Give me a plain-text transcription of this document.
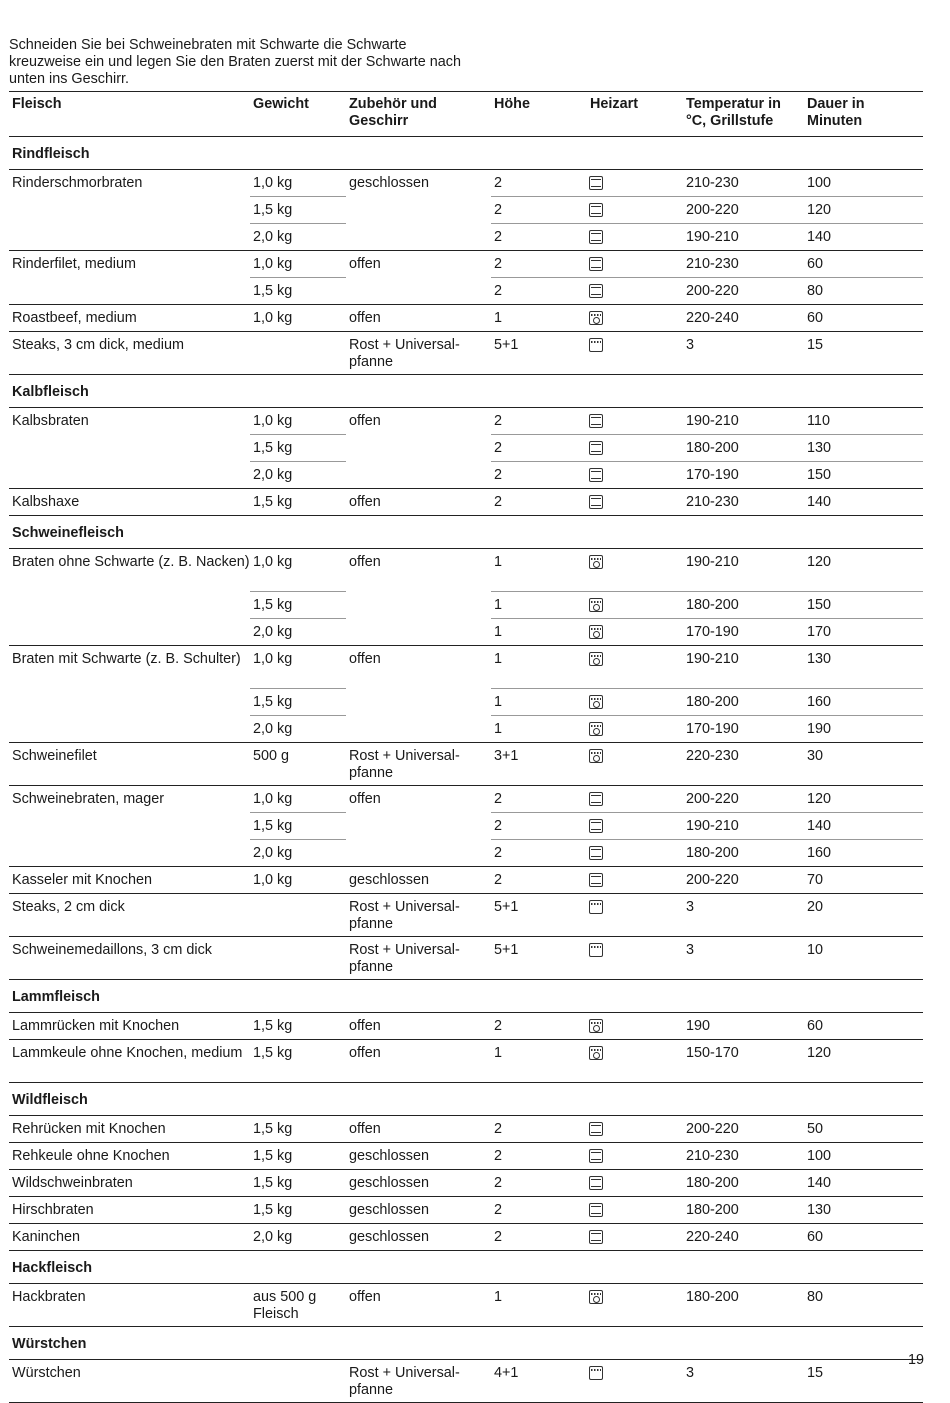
Schneiden Sie bei Schweinebraten mit Schwarte die Schwarte kreuzweise ein und legen Sie den Braten zuerst mit der Schwarte nach unten ins Geschirr.

Fleisch	Gewicht	Zubehör und Geschirr	Höhe	Heizart	Temperatur in °C, Grillstufe	Dauer in Minuten
Rindfleisch						
Rinderschmorbraten	1,0 kg	geschlossen	2		210-230	100
	1,5 kg		2		200-220	120
	2,0 kg		2		190-210	140
Rinderfilet, medium	1,0 kg	offen	2		210-230	60
	1,5 kg		2		200-220	80
Roastbeef, medium	1,0 kg	offen	1		220-240	60
Steaks, 3 cm dick, medium		Rost + Universal-pfanne	5+1		3	15
Kalbfleisch						
Kalbsbraten	1,0 kg	offen	2		190-210	110
	1,5 kg		2		180-200	130
	2,0 kg		2		170-190	150
Kalbshaxe	1,5 kg	offen	2		210-230	140
Schweinefleisch						
Braten ohne Schwarte (z. B. Nacken)	1,0 kg	offen	1		190-210	120
	1,5 kg		1		180-200	150
	2,0 kg		1		170-190	170
Braten mit Schwarte (z. B. Schulter)	1,0 kg	offen	1		190-210	130
	1,5 kg		1		180-200	160
	2,0 kg		1		170-190	190
Schweinefilet	500 g	Rost + Universal-pfanne	3+1		220-230	30
Schweinebraten, mager	1,0 kg	offen	2		200-220	120
	1,5 kg		2		190-210	140
	2,0 kg		2		180-200	160
Kasseler mit Knochen	1,0 kg	geschlossen	2		200-220	70
Steaks, 2 cm dick		Rost + Universal-pfanne	5+1		3	20
Schweinemedaillons, 3 cm dick		Rost + Universal-pfanne	5+1		3	10
Lammfleisch						
Lammrücken mit Knochen	1,5 kg	offen	2		190	60
Lammkeule ohne Knochen, medium	1,5 kg	offen	1		150-170	120
Wildfleisch						
Rehrücken mit Knochen	1,5 kg	offen	2		200-220	50
Rehkeule ohne Knochen	1,5 kg	geschlossen	2		210-230	100
Wildschweinbraten	1,5 kg	geschlossen	2		180-200	140
Hirschbraten	1,5 kg	geschlossen	2		180-200	130
Kaninchen	2,0 kg	geschlossen	2		220-240	60
Hackfleisch						
Hackbraten	aus 500 g Fleisch	offen	1		180-200	80
Würstchen						
Würstchen		Rost + Universal-pfanne	4+1		3	15
19
